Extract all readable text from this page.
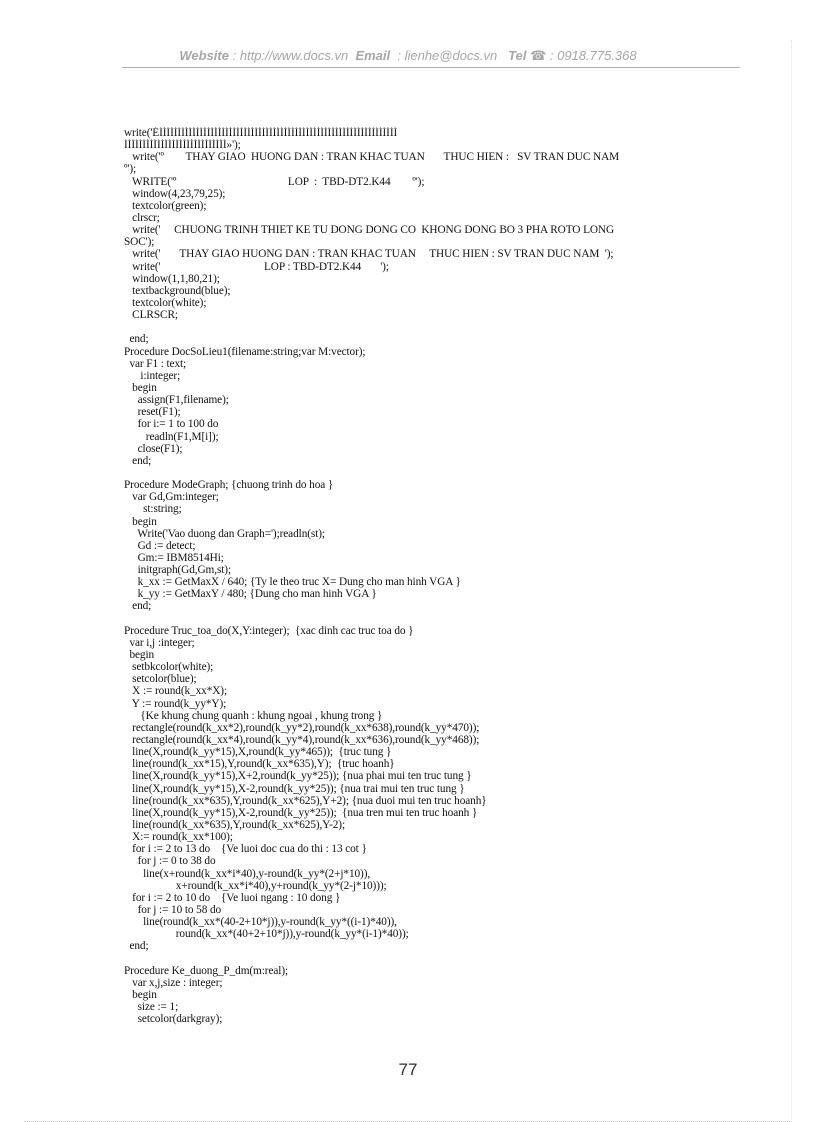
Website : http://www.docs.vn Email : lienhe@docs.vn Tel ☎ : 0918.775.368
write('ÉÍÍÍÍÍÍÍÍÍÍÍÍÍÍÍÍÍÍÍÍÍÍÍÍÍÍÍÍÍÍÍÍÍÍÍÍÍÍÍÍÍÍÍÍÍÍÍÍÍÍÍÍÍÍÍÍÍÍÍÍÍÍÍÍÍ
ÍÍÍÍÍÍÍÍÍÍÍÍÍÍÍÍÍÍÍÍÍÍÍÍÍÍÍÍ»');
write('º        THAY GIAO  HUONG DAN : TRAN KHAC TUAN       THUC HIEN :   SV TRAN DUC NAM
º');
WRITE('º                                         LOP  :  TBD-DT2.K44        º');
window(4,23,79,25);
textcolor(green);
clrscr;
write('     CHUONG TRINH THIET KE TU DONG DONG CO  KHONG DONG BO 3 PHA ROTO LONG
SOC');
write('       THAY GIAO HUONG DAN : TRAN KHAC TUAN     THUC HIEN : SV TRAN DUC NAM  ');
write('                                      LOP : TBD-DT2.K44       ');
window(1,1,80,21);
textbackground(blue);
textcolor(white);
CLRSCR;

end;
Procedure DocSoLieu1(filename:string;var M:vector);
var F1 : text;
i:integer;
begin
assign(F1,filename);
reset(F1);
for i:= 1 to 100 do
readln(F1,M[i]);
close(F1);
end;

Procedure ModeGraph; {chuong trinh do hoa }
var Gd,Gm:integer;
st:string;
begin
Write('Vao duong dan Graph=');readln(st);
Gd := detect;
Gm:= IBM8514Hi;
initgraph(Gd,Gm,st);
k_xx := GetMaxX / 640; {Ty le theo truc X= Dung cho man hinh VGA }
k_yy := GetMaxY / 480; {Dung cho man hinh VGA }
end;

Procedure Truc_toa_do(X,Y:integer);  {xac dinh cac truc toa do }
var i,j :integer;
begin
setbkcolor(white);
setcolor(blue);
X := round(k_xx*X);
Y := round(k_yy*Y);
{Ke khung chung quanh : khung ngoai , khung trong }
rectangle(round(k_xx*2),round(k_yy*2),round(k_xx*638),round(k_yy*470));
rectangle(round(k_xx*4),round(k_yy*4),round(k_xx*636),round(k_yy*468));
line(X,round(k_yy*15),X,round(k_yy*465));  {truc tung }
line(round(k_xx*15),Y,round(k_xx*635),Y);  {truc hoanh}
line(X,round(k_yy*15),X+2,round(k_yy*25)); {nua phai mui ten truc tung }
line(X,round(k_yy*15),X-2,round(k_yy*25)); {nua trai mui ten truc tung }
line(round(k_xx*635),Y,round(k_xx*625),Y+2); {nua duoi mui ten truc hoanh}
line(X,round(k_yy*15),X-2,round(k_yy*25));  {nua tren mui ten truc hoanh }
line(round(k_xx*635),Y,round(k_xx*625),Y-2);
X:= round(k_xx*100);
for i := 2 to 13 do    {Ve luoi doc cua do thi : 13 cot }
for j := 0 to 38 do
line(x+round(k_xx*i*40),y-round(k_yy*(2+j*10)),
x+round(k_xx*i*40),y+round(k_yy*(2-j*10)));
for i := 2 to 10 do    {Ve luoi ngang : 10 dong }
for j := 10 to 58 do
line(round(k_xx*(40-2+10*j)),y-round(k_yy*((i-1)*40)),
round(k_xx*(40+2+10*j)),y-round(k_yy*(i-1)*40));
end;

Procedure Ke_duong_P_dm(m:real);
var x,j,size : integer;
begin
size := 1;
setcolor(darkgray);
77
